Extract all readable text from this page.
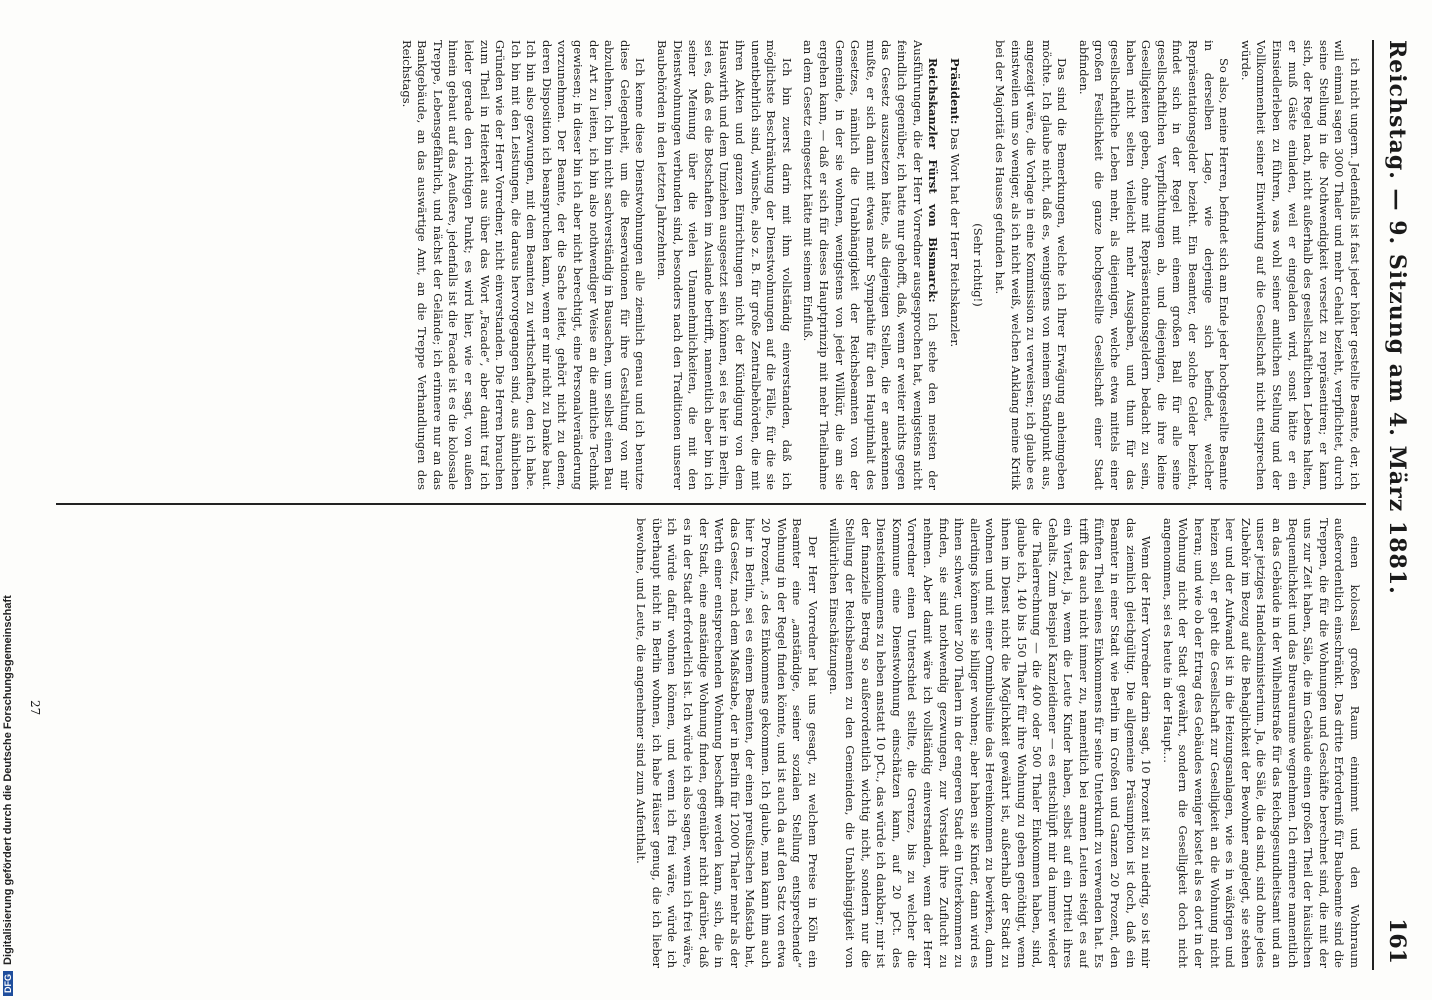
Reichstag. — 9. Sitzung am 4. März 1881.
161

ich nicht ungern. Jedenfalls ist fast jeder höher gestellte Beamte, der, ich will einmal sagen 3000 Thaler und mehr Gehalt bezieht, verpflichtet, durch seine Stellung in die Nothwendigkeit versetzt zu repräsentiren; er kann sich, der Regel nach, nicht außerhalb des gesellschaftlichen Lebens halten, er muß Gäste einladen, weil er eingeladen wird, sonst hätte er ein Einsiedlerleben zu führen, was wohl seiner amtlichen Stellung und der Vollkommenheit seiner Einwirkung auf die Gesellschaft nicht entsprechen würde.

So also, meine Herren, befindet sich am Ende jeder hochgestellte Beamte in derselben Lage, wie derjenige sich befindet, welcher Repräsentationsgelder bezieht. Ein Beamter, der solche Gelder bezieht, findet sich in der Regel mit einem großen Ball für alle seine gesellschaftlichen Verpflichtungen ab, und diejenigen, die ihre kleine Geselligkeiten geben, ohne mit Repräsentationsgeldern bedacht zu sein, haben nicht selten vielleicht mehr Ausgaben, und thun für das gesellschaftliche Leben mehr, als diejenigen, welche etwa mittels einer großen Festlichkeit die ganze hochgestellte Gesellschaft einer Stadt abfinden.

Das sind die Bemerkungen, welche ich Ihrer Erwägung anheimgeben möchte. Ich glaube nicht, daß es, wenigstens von meinem Standpunkt aus, angezeigt wäre, die Vorlage in eine Kommission zu verweisen; ich glaube es einstweilen um so weniger, als ich nicht weiß, welchen Anklang meine Kritik bei der Majorität des Hauses gefunden hat.

(Sehr richtig!)

Präsident: Das Wort hat der Herr Reichskanzler.

Reichskanzler Fürst von Bismarck: Ich stehe den meisten der Ausführungen, die der Herr Vorredner ausgesprochen hat, wenigstens nicht feindlich gegenüber, ich hatte nur gehofft, daß, wenn er weiter nichts gegen das Gesetz auszusetzen hätte, als diejenigen Stellen, die er anerkennen mußte, er sich dann mit etwas mehr Sympathie für den Hauptinhalt des Gesetzes, nämlich die Unabhängigkeit der Reichsbeamten von der Gemeinde, in der sie wohnen, wenigstens von jeder Willkür, die am sie ergehen kann, — daß er sich für dieses Hauptprinzip mit mehr Theilnahme an dem Gesetz eingesetzt hätte mit seinem Einfluß.

Ich bin zuerst darin mit ihm vollständig einverstanden, daß ich möglichste Beschränkung der Dienstwohnungen auf die Fälle, für die sie unentbehrlich sind, wünsche, also z. B. für große Zentralbehörden, die mit ihren Akten und ganzen Einrichtungen nicht der Kündigung von dem Hauswirth und dem Umziehen ausgesetzt sein können, sei es hier in Berlin, sei es, daß es die Botschaften im Auslande betrifft, namentlich aber bin ich seiner Meinung über die vielen Unannehmlichkeiten, die mit den Dienstwohnungen verbunden sind, besonders nach den Traditionen unserer Baubehörden in den letzten Jahrzehnten.

Ich kenne diese Dienstwohnungen alle ziemlich genau und ich benutze diese Gelegenheit, um die Reservationen für ihre Gestaltung von mir abzulehnen. Ich bin nicht sachverständig in Bausachen, um selbst einen Bau der Art zu leiten, ich bin also nothwendiger Weise an die amtliche Technik gewiesen; in dieser bin ich aber nicht berechtigt, eine Personalveränderung vorzunehmen. Der Beamte, der die Sache leitet, gehört nicht zu denen, deren Disposition ich beanspruchen kann, wenn er mir nicht zu Danke baut. Ich bin also gezwungen, mit dem Beamten zu wirthschaften, den ich habe. Ich bin mit den Leistungen, die daraus hervorgegangen sind, aus ähnlichen Gründen wie der Herr Vorredner, nicht einverstanden. Die Herren brauchen zum Theil in Heiterkeit aus über das Wort „Facade“, aber damit traf ich leider gerade den richtigen Punkt; es wird hier, wie er sagt, von außen hinein gebaut auf das Aeußere, jedenfalls ist die Facade ist es die kolossale Treppe, Lebensgefährlich, und nächst der Gelände; ich erinnere nur an das Bankgebäude, an das auswärtige Amt, an die Treppe Verhandlungen des Reichstags.

einen kolossal großen Raum einnimmt und den Wohnraum außerordentlich einschränkt. Das dritte Erforderniß für Baubeamte sind die Treppen, die für die Wohnungen und Geschäfte berechnet sind, die mit der uns zur Zeit haben, Säle, die im Gebäude einen großen Theil der häuslichen Bequemlichkeit und das Bureauraume wegnehmen. Ich erinnere namentlich an das Gebäude in der Wilhelmstraße für das Reichsgesundheitsamt und an unser jetziges Handelsministerium. Ja, die Säle, die da sind, sind ohne jedes Zubehör im Bezug auf die Behaglichkeit der Bewohner angelegt, sie stehen leer und der Aufwand ist in die Heizungsanlagen, wie es in wäßrigen und heizen soll, er geht die Gesellschaft zur Geselligkeit an die Wohnung nicht heran; und wie ob der Ertrag des Gebäudes weniger kostet als es dort in der Wohnung nicht der Stadt gewährt, sondern die Geselligkeit doch nicht angenommen, sei es heute in der Haupt…

Wenn der Herr Vorredner darin sagt, 10 Prozent ist zu niedrig, so ist mir das ziemlich gleichgültig. Die allgemeine Präsumption ist doch, daß ein Beamter in einer Stadt wie Berlin im Großen und Ganzen 20 Prozent, den fünften Theil seines Einkommens für seine Unterkunft zu verwenden hat. Es trifft das auch nicht immer zu, namentlich bei armen Leuten steigt es auf ein Viertel, ja, wenn die Leute Kinder haben, selbst auf ein Drittel ihres Gehalts. Zum Beispiel Kanzleidiener — es entschlüpft mir da immer wieder die Thalerrechnung — die 400 oder 500 Thaler Einkommen haben, sind, glaube ich, 140 bis 150 Thaler für ihre Wohnung zu geben genöthigt, wenn ihnen im Dienst nicht die Möglichkeit gewährt ist, außerhalb der Stadt zu wohnen und mit einer Omnibuslinie das Hereinkommen zu bewirken, dann allerdings können sie billiger wohnen; aber haben sie Kinder, dann wird es ihnen schwer, unter 200 Thalern in der engeren Stadt ein Unterkommen zu finden, sie sind nothwendig gezwungen, zur Vorstadt ihre Zuflucht zu nehmen. Aber damit wäre ich vollständig einverstanden, wenn der Herr Vorredner einen Unterschied stellte, die Grenze, bis zu welcher die Kommune eine Dienstwohnung einschätzen kann, auf 20 pCt. des Diensteinkommens zu heben anstatt 10 pCt., das würde ich dankbar; mir ist der finanzielle Betrag so außerordentlich wichtig nicht, sondern nur die Stellung der Reichsbeamten zu den Gemeinden, die Unabhängigkeit von willkürlichen Einschätzungen.

Der Herr Vorredner hat uns gesagt, zu welchem Preise in Köln ein Beamter eine „anständige, seiner sozialen Stellung entsprechende“ Wohnung in der Regel finden könnte, und ist auch da auf den Satz von etwa 20 Prozent, ‚s des Einkommens gekommen. Ich glaube, man kann ihm auch hier in Berlin, sei es einem Beamten, der einen preußischen Maßstab hat, das Gesetz, nach dem Maßstabe, der in Berlin für 12000 Thaler mehr als der Werth einer entsprechenden Wohnung beschafft werden kann, sich, die in der Stadt, eine anständige Wohnung finden, gegenüber nicht darüber, daß es in der Stadt erforderlich ist. Ich würde ich also sagen, wenn ich frei wäre, ich würde dafür wohnen können, und wenn ich frei wäre, würde ich überhaupt nicht in Berlin wohnen, ich habe Häuser genug, die ich lieber bewohne, und Leute, die angenehmer sind zum Aufenthalt.

27
DFGDigitalisierung gefördert durch die Deutsche Forschungsgemeinschaft
